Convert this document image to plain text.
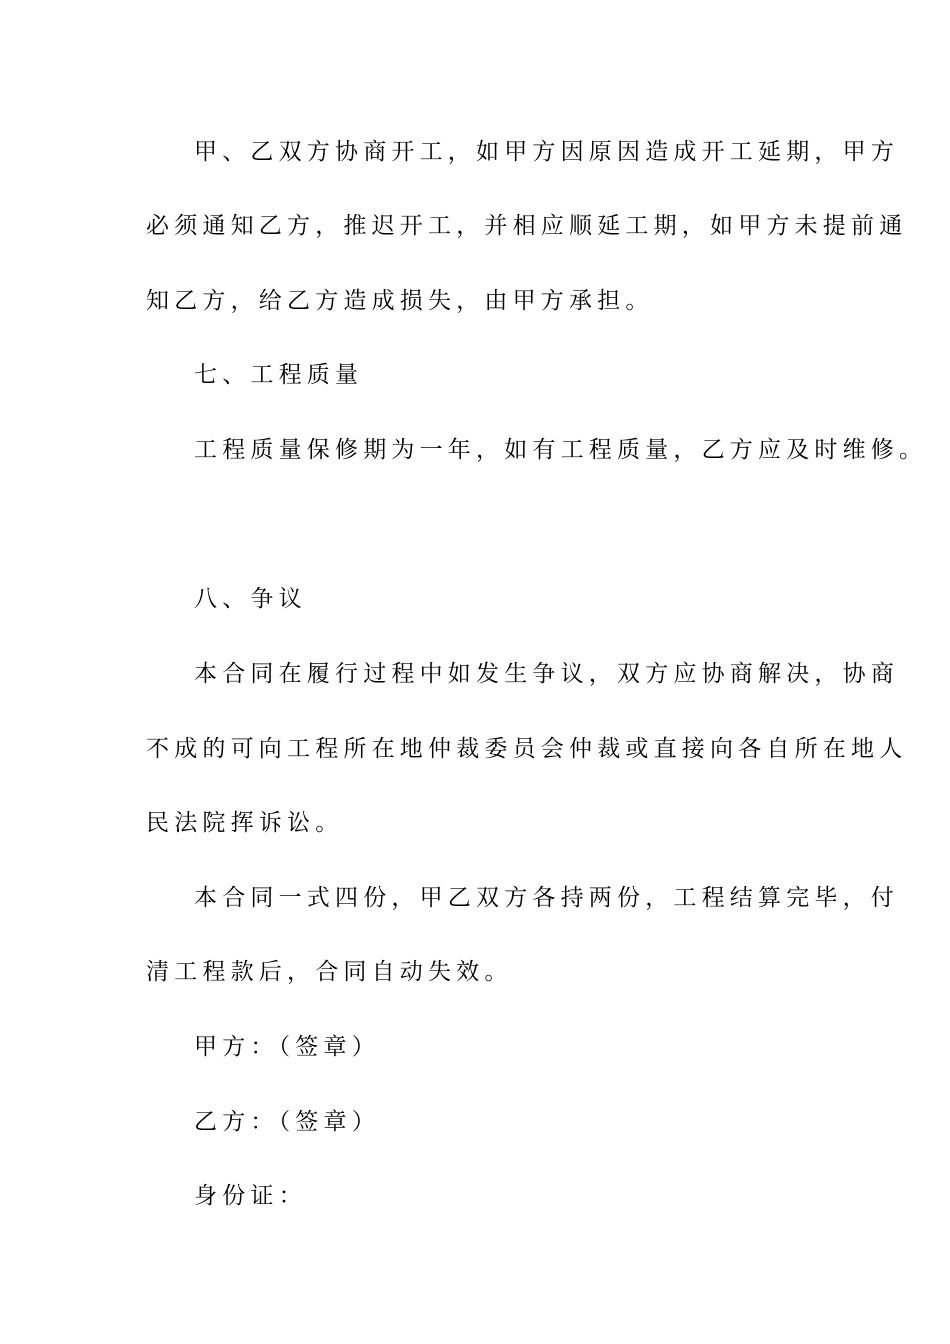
甲、乙双方协商开工，如甲方因原因造成开工延期，甲方
必须通知乙方，推迟开工，并相应顺延工期，如甲方未提前通
知乙方，给乙方造成损失，由甲方承担。
七、工程质量
工程质量保修期为一年，如有工程质量，乙方应及时维修。
八、争议
本合同在履行过程中如发生争议，双方应协商解决，协商
不成的可向工程所在地仲裁委员会仲裁或直接向各自所在地人
民法院挥诉讼。
本合同一式四份，甲乙双方各持两份，工程结算完毕，付
清工程款后，合同自动失效。
甲方：（签章）
乙方：（签章）
身份证：
